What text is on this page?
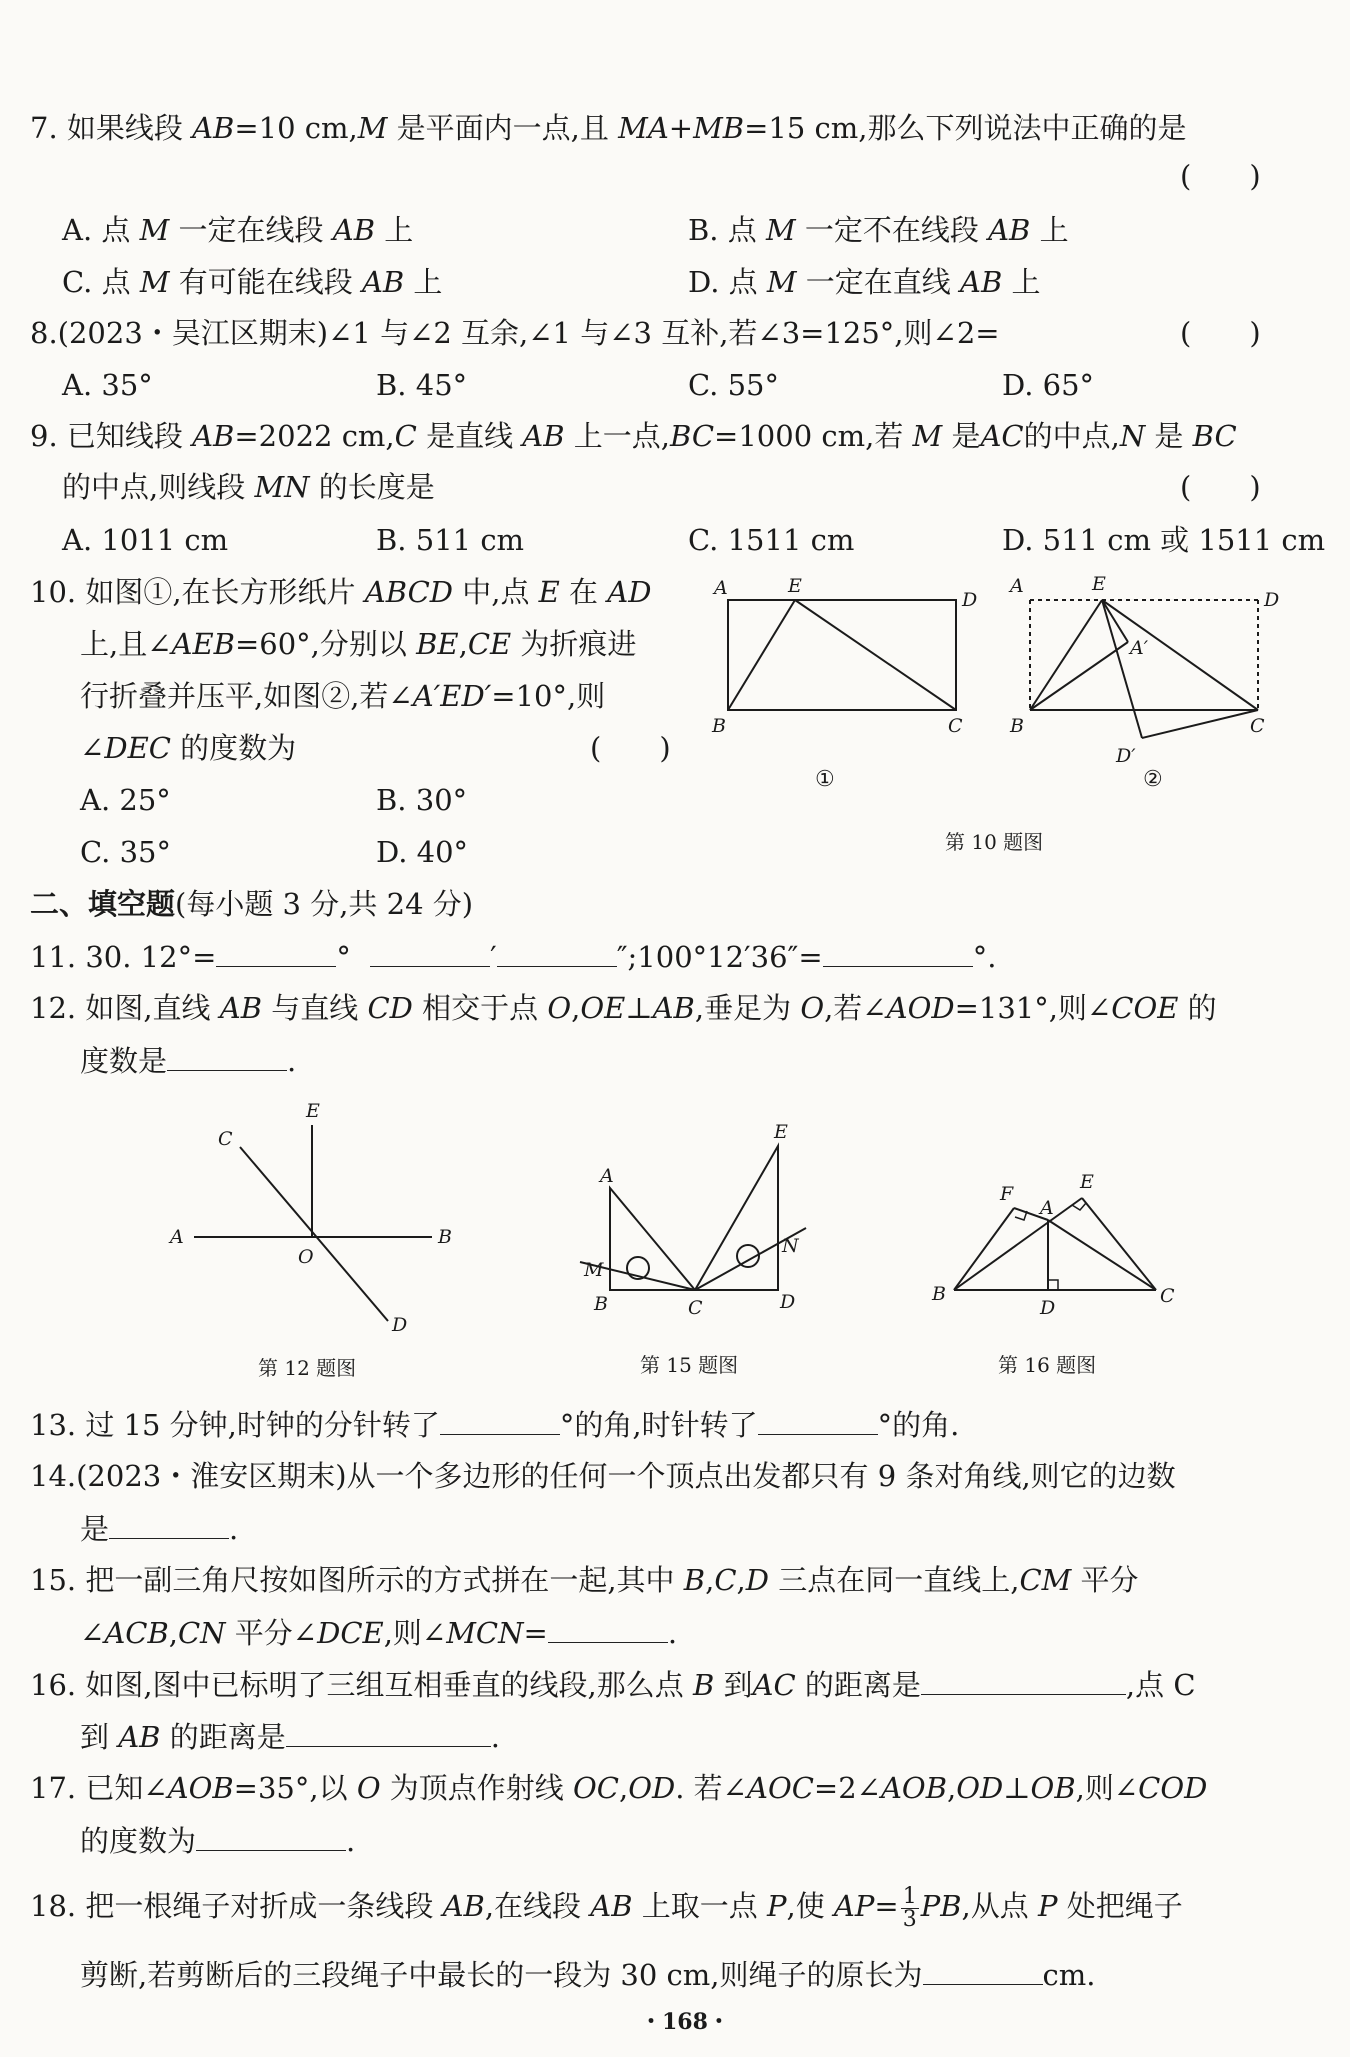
7. 如果线段 AB=10 cm,M 是平面内一点,且 MA+MB=15 cm,那么下列说法中正确的是
(　　)
A. 点 M 一定在线段 AB 上	B. 点 M 一定不在线段 AB 上
C. 点 M 有可能在线段 AB 上	D. 点 M 一定在直线 AB 上
8.(2023・吴江区期末)∠1 与∠2 互余,∠1 与∠3 互补,若∠3=125°,则∠2=	(　　)
A. 35°	B. 45°	C. 55°	D. 65°
9. 已知线段 AB=2022 cm,C 是直线 AB 上一点,BC=1000 cm,若 M 是AC的中点,N 是 BC
的中点,则线段 MN 的长度是	(　　)
A. 1011 cm	B. 511 cm	C. 1511 cm	D. 511 cm 或 1511 cm
10. 如图①,在长方形纸片 ABCD 中,点 E 在 AD
上,且∠AEB=60°,分别以 BE,CE 为折痕进
行折叠并压平,如图②,若∠A′ED′=10°,则
∠DEC 的度数为	(　　)
A. 25°	B. 30°
C. 35°	D. 40°
A	E
D
B	C
①
A	E
D
A′
B	C
D′
②
第 10 题图
二、填空题(每小题 3 分,共 24 分)
11. 30. 12°=	°	′	″;100°12′36″=	°.
12. 如图,直线 AB 与直线 CD 相交于点 O,OE⊥AB,垂足为 O,若∠AOD=131°,则∠COE 的
度数是	.
E
C
A
O
B
D
第 12 题图
E
A
M
N
B	C	D
第 15 题图
F
E
A
B
D
C
第 16 题图
13. 过 15 分钟,时钟的分针转了	°的角,时针转了	°的角.
14.(2023・淮安区期末)从一个多边形的任何一个顶点出发都只有 9 条对角线,则它的边数
是	.
15. 把一副三角尺按如图所示的方式拼在一起,其中 B,C,D 三点在同一直线上,CM 平分
∠ACB,CN 平分∠DCE,则∠MCN=	.
16. 如图,图中已标明了三组互相垂直的线段,那么点 B 到AC 的距离是	,点 C
到 AB 的距离是	.
17. 已知∠AOB=35°,以 O 为顶点作射线 OC,OD. 若∠AOC=2∠AOB,OD⊥OB,则∠COD
的度数为	.
18. 把一根绳子对折成一条线段 AB,在线段 AB 上取一点 P,使 $AP= \frac{1}{3}$ PB,从点 P 处把绳子
剪断,若剪断后的三段绳子中最长的一段为 30 cm,则绳子的原长为	cm.
・168・
